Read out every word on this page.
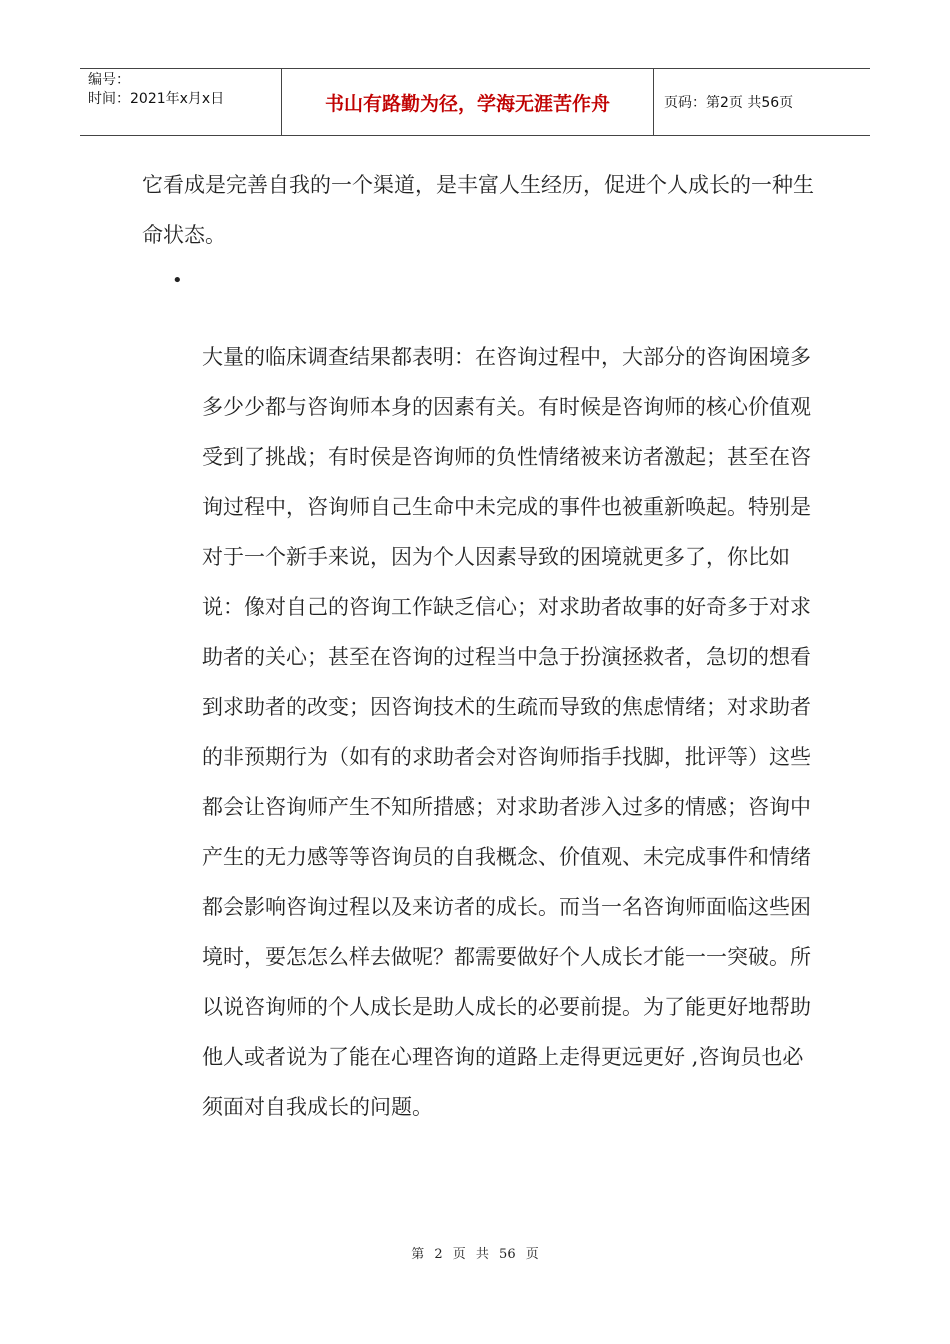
编号：
时间：2021年x月x日	书山有路勤为径，学海无涯苦作舟	页码：第2页 共56页
它看成是完善自我的一个渠道，是丰富人生经历，促进个人成长的一种生命状态。
•
大量的临床调查结果都表明：在咨询过程中，大部分的咨询困境多多少少都与咨询师本身的因素有关。有时候是咨询师的核心价值观受到了挑战；有时侯是咨询师的负性情绪被来访者激起；甚至在咨询过程中，咨询师自己生命中未完成的事件也被重新唤起。特别是对于一个新手来说，因为个人因素导致的困境就更多了，你比如说：像对自己的咨询工作缺乏信心；对求助者故事的好奇多于对求助者的关心；甚至在咨询的过程当中急于扮演拯救者，急切的想看到求助者的改变；因咨询技术的生疏而导致的焦虑情绪；对求助者的非预期行为（如有的求助者会对咨询师指手找脚，批评等）这些都会让咨询师产生不知所措感；对求助者涉入过多的情感；咨询中产生的无力感等等咨询员的自我概念、价值观、未完成事件和情绪都会影响咨询过程以及来访者的成长。而当一名咨询师面临这些困境时，要怎怎么样去做呢？都需要做好个人成长才能一一突破。所以说咨询师的个人成长是助人成长的必要前提。为了能更好地帮助他人或者说为了能在心理咨询的道路上走得更远更好 ,咨询员也必须面对自我成长的问题。
第 2 页 共 56 页
